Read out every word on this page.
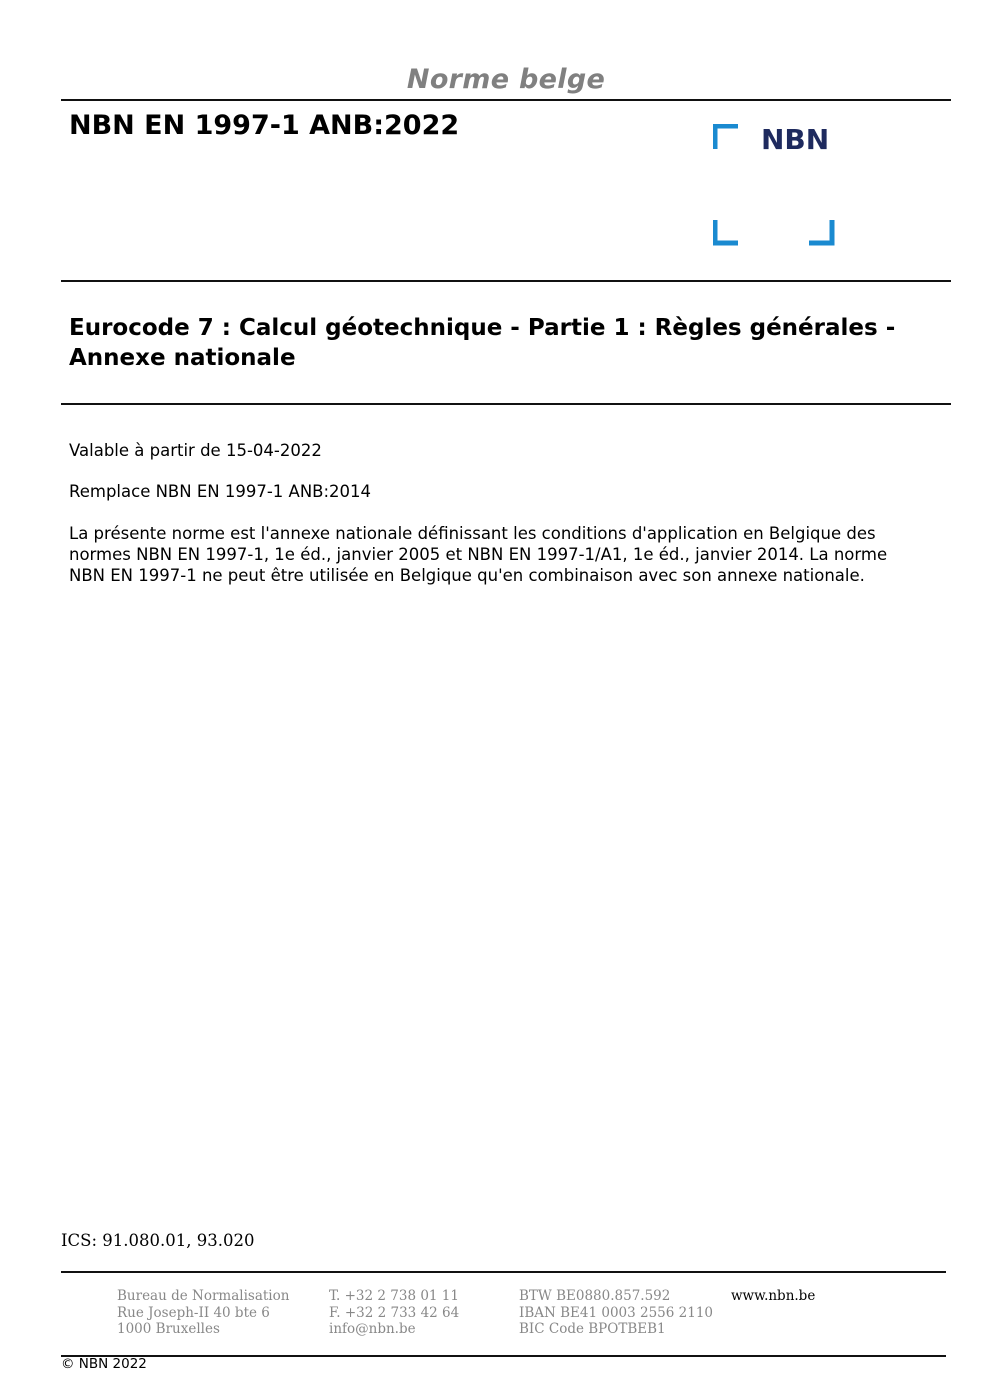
Norme belge
NBN EN 1997-1 ANB:2022	NBN
Eurocode 7 : Calcul géotechnique - Partie 1 : Règles générales - Annexe nationale
Valable à partir de 15-04-2022
Remplace NBN EN 1997-1 ANB:2014
La présente norme est l'annexe nationale définissant les conditions d'application en Belgique des
normes NBN EN 1997-1, 1e éd., janvier 2005 et NBN EN 1997-1/A1, 1e éd., janvier 2014. La norme
NBN EN 1997-1 ne peut être utilisée en Belgique qu'en combinaison avec son annexe nationale.
ICS: 91.080.01, 93.020
Bureau de Normalisation
Rue Joseph-II 40 bte 6
1000 Bruxelles
T. +32 2 738 01 11
F. +32 2 733 42 64
info@nbn.be
BTW BE0880.857.592
IBAN BE41 0003 2556 2110
BIC Code BPOTBEB1
www.nbn.be
© NBN 2022
